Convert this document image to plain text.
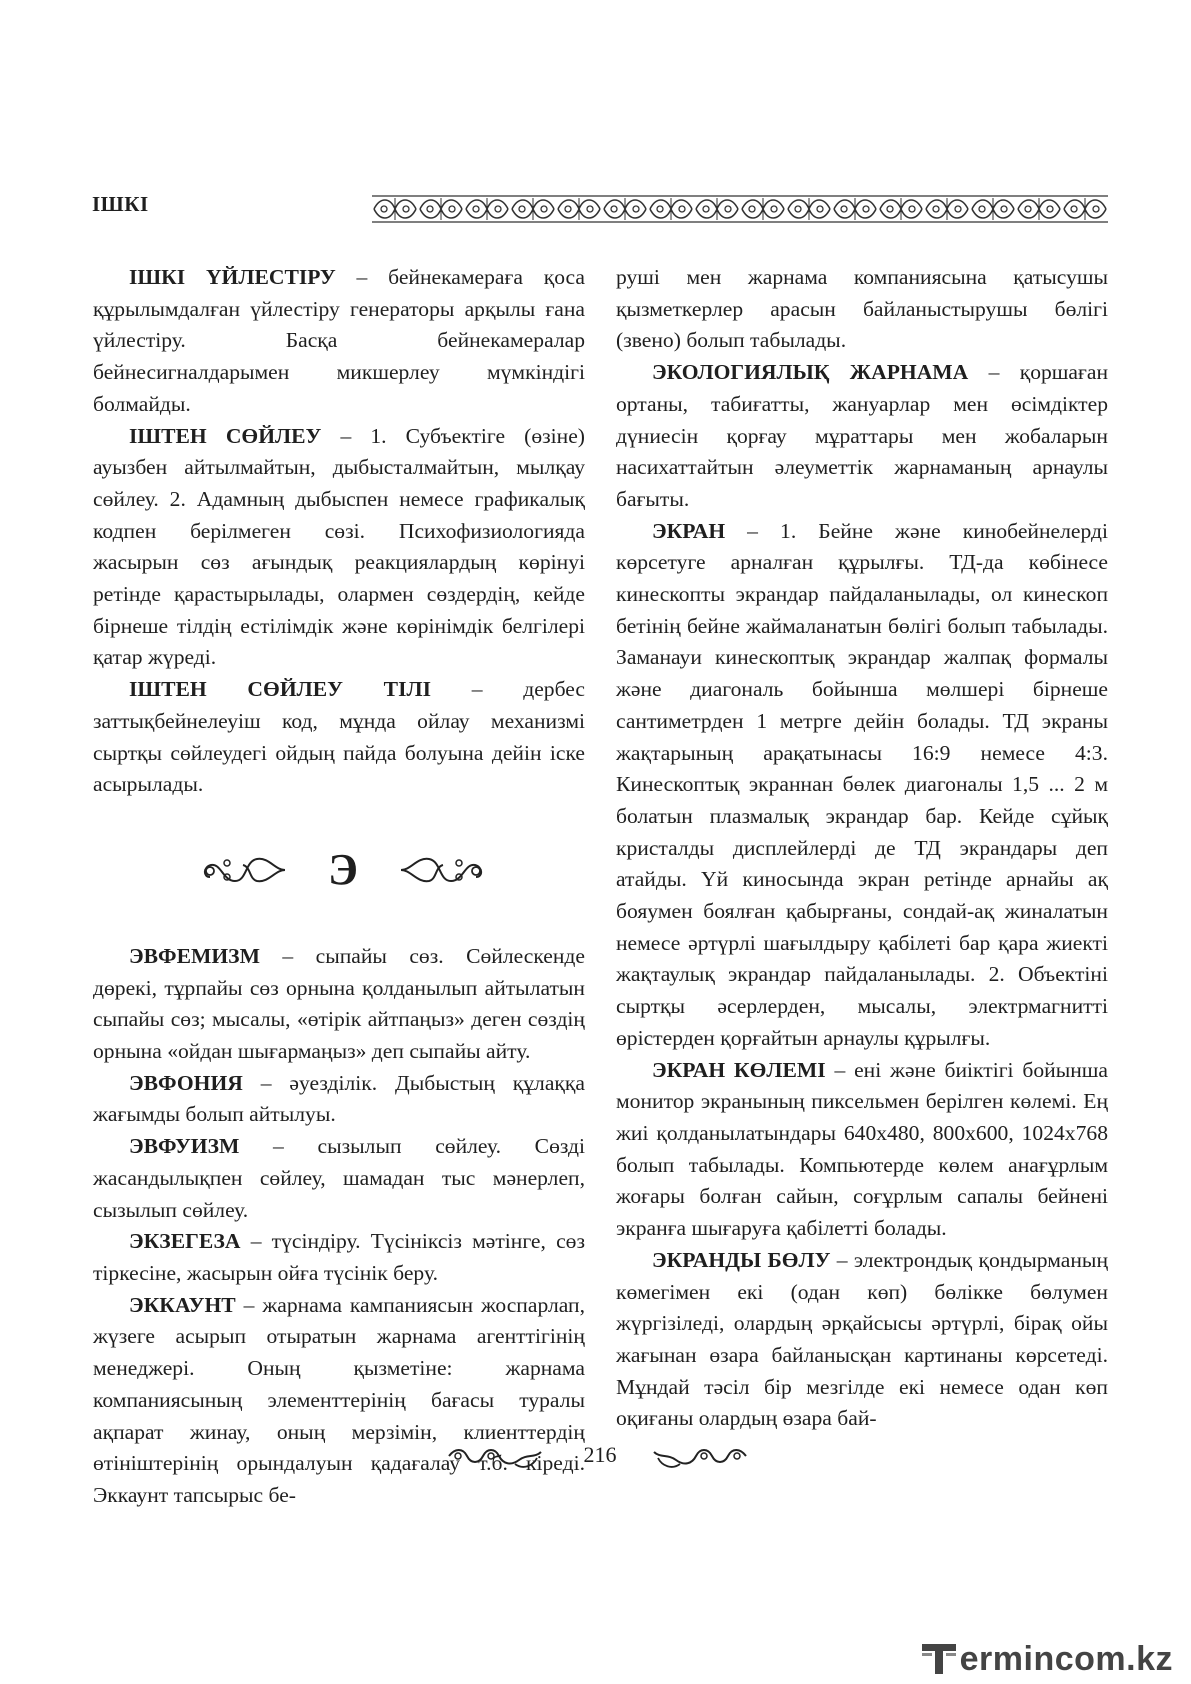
ІШКІ

ІШКІ ҮЙЛЕСТІРУ – бейнекамераға қоса құрылымдалған үйлестіру генераторы арқылы ғана үйлестіру. Басқа бейнекамералар бейнесигналдарымен микшерлеу мүмкіндігі болмайды.

ІШТЕН СӨЙЛЕУ – 1. Субъектіге (өзіне) ауызбен айтылмайтын, дыбысталмайтын, мылқау сөйлеу. 2. Адамның дыбыспен немесе графикалық кодпен берілмеген сөзі. Психофизиологияда жасырын сөз ағындық реакциялардың көрінуі ретінде қарастырылады, олармен сөздердің, кейде бірнеше тілдің естілімдік және көрінімдік белгілері қатар жүреді.

ІШТЕН СӨЙЛЕУ ТІЛІ – дербес заттықбейнелеуіш код, мұнда ойлау механизмі сыртқы сөйлеудегі ойдың пайда болуына дейін іске асырылады.

Э

ЭВФЕМИЗМ – сыпайы сөз. Сөйлескенде дөрекі, тұрпайы сөз орнына қолданылып айтылатын сыпайы сөз; мысалы, «өтірік айтпаңыз» деген сөздің орнына «ойдан шығармаңыз» деп сыпайы айту.

ЭВФОНИЯ – әуезділік. Дыбыстың құлаққа жағымды болып айтылуы.

ЭВФУИЗМ – сызылып сөйлеу. Сөзді жасандылықпен сөйлеу, шамадан тыс мәнерлеп, сызылып сөйлеу.

ЭКЗЕГЕЗА – түсіндіру. Түсініксіз мәтінге, сөз тіркесіне, жасырын ойға түсінік беру.

ЭККАУНТ – жарнама кампаниясын жоспарлап, жүзеге асырып отыратын жарнама агенттігінің менеджері. Оның қызметіне: жарнама компаниясының элементтерінің бағасы туралы ақпарат жинау, оның мерзімін, клиенттердің өтініштерінің орындалуын қадағалау т.б. кіреді. Эккаунт тапсырыс бе-

руші мен жарнама компаниясына қатысушы қызметкерлер арасын байланыстырушы бөлігі (звено) болып табылады.

ЭКОЛОГИЯЛЫҚ ЖАРНАМА – қоршаған ортаны, табиғатты, жануарлар мен өсімдіктер дүниесін қорғау мұраттары мен жобаларын насихаттайтын әлеуметтік жарнаманың арнаулы бағыты.

ЭКРАН – 1. Бейне және кинобейнелерді көрсетуге арналған құрылғы. ТД-да көбінесе кинескопты экрандар пайдаланылады, ол кинескоп бетінің бейне жаймаланатын бөлігі болып табылады. Заманауи кинескоптық экрандар жалпақ формалы және диагональ бойынша мөлшері бірнеше сантиметрден 1 метрге дейін болады. ТД экраны жақтарының арақатынасы 16:9 немесе 4:3. Кинескоптық экраннан бөлек диагоналы 1,5 ... 2 м болатын плазмалық экрандар бар. Кейде сұйық кристалды дисплейлерді де ТД экрандары деп атайды. Үй киносында экран ретінде арнайы ақ бояумен боялған қабырғаны, сондай-ақ жиналатын немесе әртүрлі шағылдыру қабілеті бар қара жиекті жақтаулық экрандар пайдаланылады. 2. Объектіні сыртқы әсерлерден, мысалы, электрмагнитті өрістерден қорғайтын арнаулы құрылғы.

ЭКРАН КӨЛЕМІ – ені және биіктігі бойынша монитор экранының пиксельмен берілген көлемі. Ең жиі қолданылатындары 640х480, 800х600, 1024х768 болып табылады. Компьютерде көлем анағұрлым жоғары болған сайын, соғұрлым сапалы бейнені экранға шығаруға қабілетті болады.

ЭКРАНДЫ БӨЛУ – электрондық қондырманың көмегімен екі (одан көп) бөлікке бөлумен жүргізіледі, олардың әрқайсысы әртүрлі, бірақ ойы жағынан өзара байланысқан картинаны көрсетеді. Мұндай тәсіл бір мезгілде екі немесе одан көп оқиғаны олардың өзара бай-

216
ermincom.kz
